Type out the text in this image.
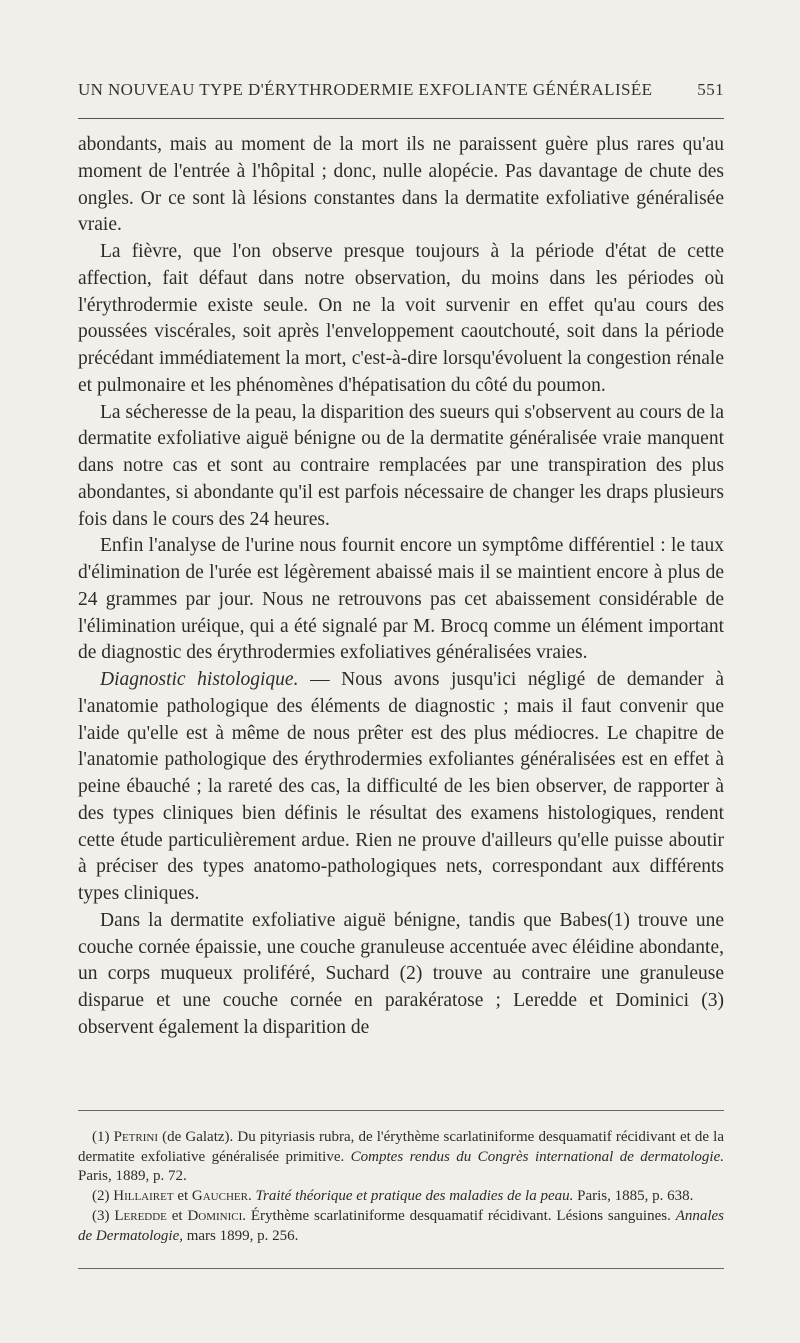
UN NOUVEAU TYPE D'ÉRYTHRODERMIE EXFOLIANTE GÉNÉRALISÉE	551

abondants, mais au moment de la mort ils ne paraissent guère plus rares qu'au moment de l'entrée à l'hôpital ; donc, nulle alopécie. Pas davantage de chute des ongles. Or ce sont là lésions constantes dans la dermatite exfoliative généralisée vraie.

La fièvre, que l'on observe presque toujours à la période d'état de cette affection, fait défaut dans notre observation, du moins dans les périodes où l'érythrodermie existe seule. On ne la voit survenir en effet qu'au cours des poussées viscérales, soit après l'enveloppement caoutchouté, soit dans la période précédant immédiatement la mort, c'est-à-dire lorsqu'évoluent la congestion rénale et pulmonaire et les phénomènes d'hépatisation du côté du poumon.

La sécheresse de la peau, la disparition des sueurs qui s'observent au cours de la dermatite exfoliative aiguë bénigne ou de la dermatite généralisée vraie manquent dans notre cas et sont au contraire remplacées par une transpiration des plus abondantes, si abondante qu'il est parfois nécessaire de changer les draps plusieurs fois dans le cours des 24 heures.

Enfin l'analyse de l'urine nous fournit encore un symptôme différentiel : le taux d'élimination de l'urée est légèrement abaissé mais il se maintient encore à plus de 24 grammes par jour. Nous ne retrouvons pas cet abaissement considérable de l'élimination uréique, qui a été signalé par M. Brocq comme un élément important de diagnostic des érythrodermies exfoliatives généralisées vraies.

Diagnostic histologique. — Nous avons jusqu'ici négligé de demander à l'anatomie pathologique des éléments de diagnostic ; mais il faut convenir que l'aide qu'elle est à même de nous prêter est des plus médiocres. Le chapitre de l'anatomie pathologique des érythrodermies exfoliantes généralisées est en effet à peine ébauché ; la rareté des cas, la difficulté de les bien observer, de rapporter à des types cliniques bien définis le résultat des examens histologiques, rendent cette étude particulièrement ardue. Rien ne prouve d'ailleurs qu'elle puisse aboutir à préciser des types anatomo-pathologiques nets, correspondant aux différents types cliniques.

Dans la dermatite exfoliative aiguë bénigne, tandis que Babes(1) trouve une couche cornée épaissie, une couche granuleuse accentuée avec éléidine abondante, un corps muqueux proliféré, Suchard (2) trouve au contraire une granuleuse disparue et une couche cornée en parakératose ; Leredde et Dominici (3) observent également la disparition de

(1) Petrini (de Galatz). Du pityriasis rubra, de l'érythème scarlatiniforme desquamatif récidivant et de la dermatite exfoliative généralisée primitive. Comptes rendus du Congrès international de dermatologie. Paris, 1889, p. 72.

(2) Hillairet et Gaucher. Traité théorique et pratique des maladies de la peau. Paris, 1885, p. 638.

(3) Leredde et Dominici. Érythème scarlatiniforme desquamatif récidivant. Lésions sanguines. Annales de Dermatologie, mars 1899, p. 256.
